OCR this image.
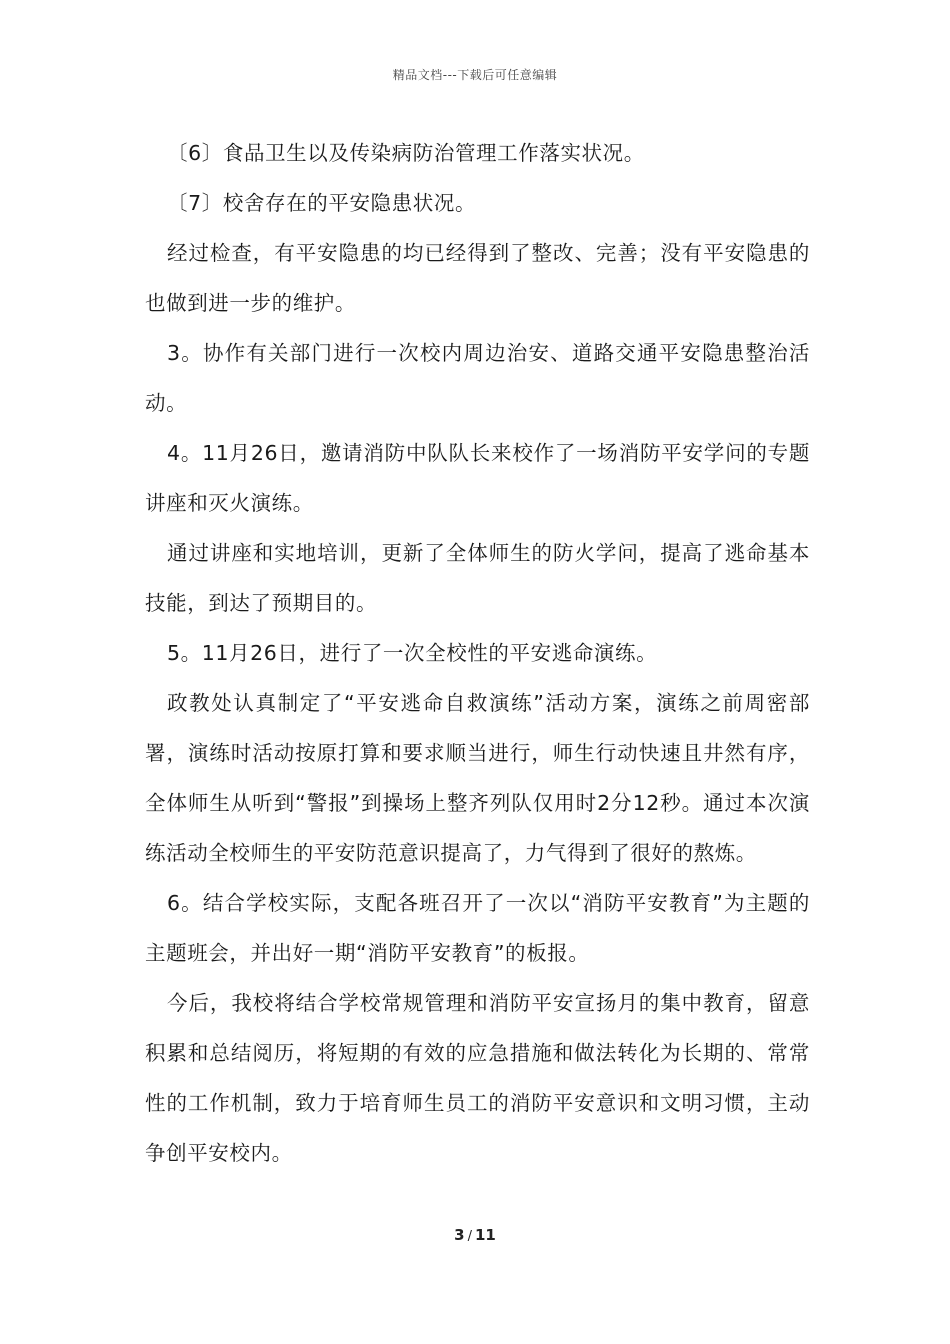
精品文档---下载后可任意编辑

〔6〕食品卫生以及传染病防治管理工作落实状况。

〔7〕校舍存在的平安隐患状况。

经过检查，有平安隐患的均已经得到了整改、完善；没有平安隐患的也做到进一步的维护。

3。协作有关部门进行一次校内周边治安、道路交通平安隐患整治活动。

4。11月26日，邀请消防中队队长来校作了一场消防平安学问的专题讲座和灭火演练。

通过讲座和实地培训，更新了全体师生的防火学问，提高了逃命基本技能，到达了预期目的。

5。11月26日，进行了一次全校性的平安逃命演练。

政教处认真制定了“平安逃命自救演练”活动方案，演练之前周密部署，演练时活动按原打算和要求顺当进行，师生行动快速且井然有序，全体师生从听到“警报”到操场上整齐列队仅用时2分12秒。通过本次演练活动全校师生的平安防范意识提高了，力气得到了很好的熬炼。

6。结合学校实际，支配各班召开了一次以“消防平安教育”为主题的主题班会，并出好一期“消防平安教育”的板报。

今后，我校将结合学校常规管理和消防平安宣扬月的集中教育，留意积累和总结阅历，将短期的有效的应急措施和做法转化为长期的、常常性的工作机制，致力于培育师生员工的消防平安意识和文明习惯，主动争创平安校内。

3 / 11
